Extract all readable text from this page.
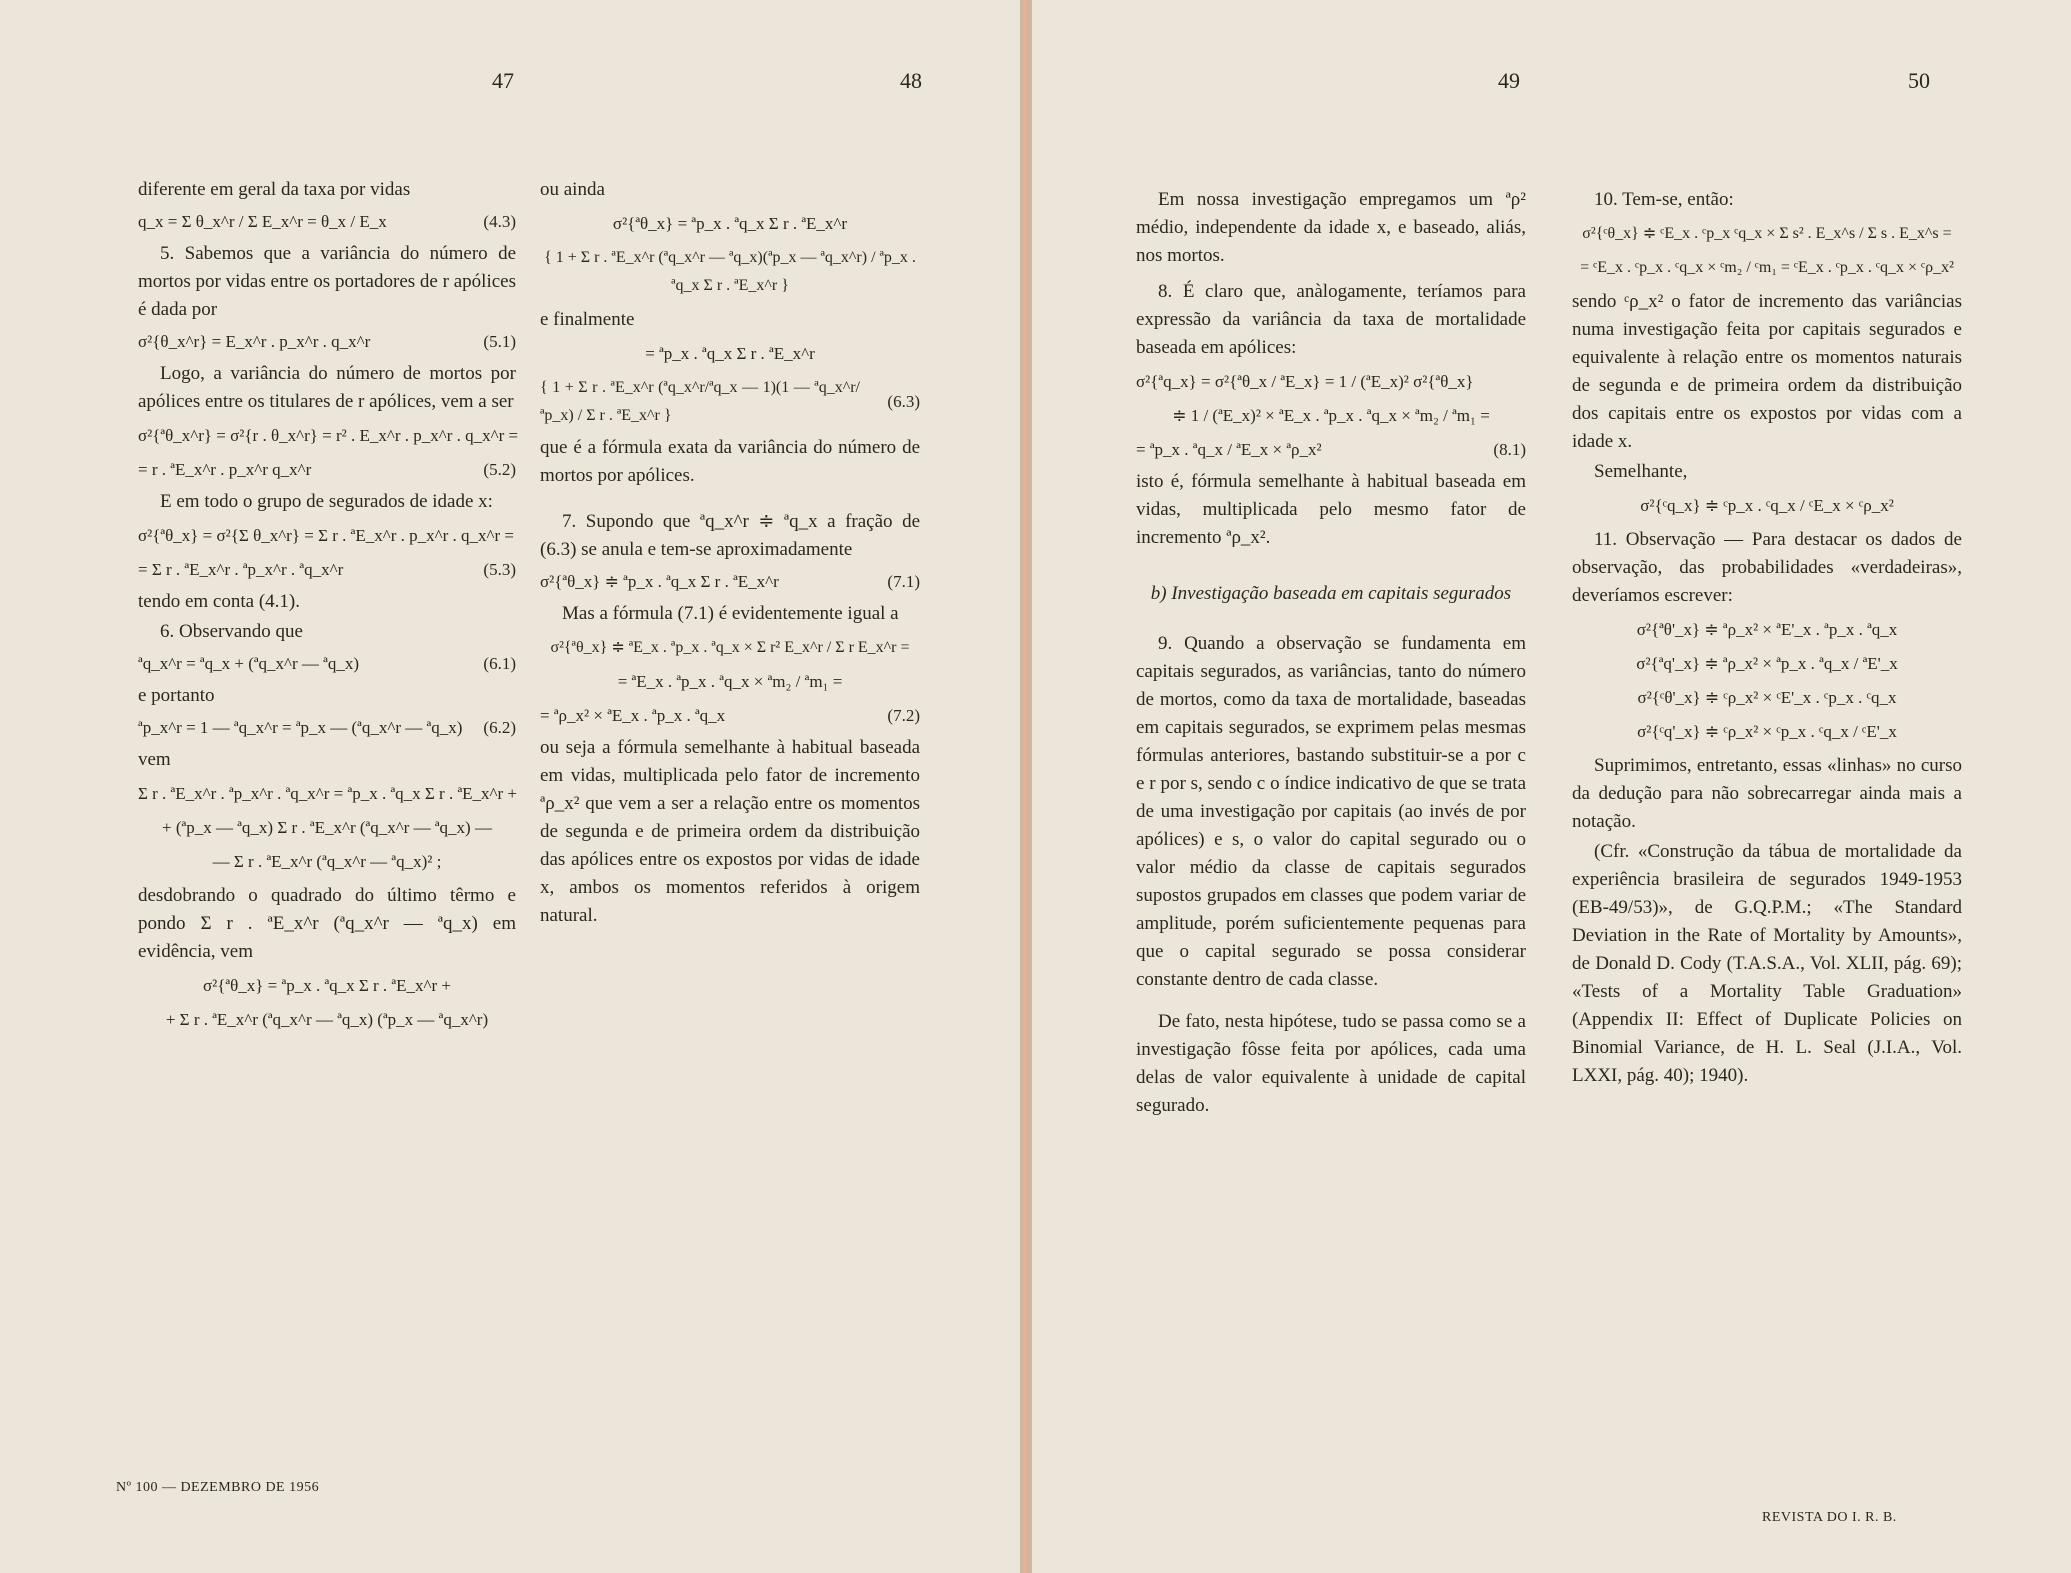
47	48

diferente em geral da taxa por vidas

q_x = Σ θ_x^r / Σ E_x^r = θ_x / E_x	(4.3)

5. Sabemos que a variância do número de mortos por vidas entre os portadores de r apólices é dada por

σ²{θ_x^r} = E_x^r . p_x^r . q_x^r	(5.1)

Logo, a variância do número de mortos por apólices entre os titulares de r apólices, vem a ser

σ²{ªθ_x^r} = σ²{r . θ_x^r} = r² . E_x^r . p_x^r . q_x^r =
= r . ªE_x^r . p_x^r q_x^r	(5.2)

E em todo o grupo de segurados de idade x:

σ²{ªθ_x} = σ²{Σ θ_x^r} = Σ r . ªE_x^r . p_x^r . q_x^r =
= Σ r . ªE_x^r . ªp_x^r . ªq_x^r	(5.3)

tendo em conta (4.1).

6. Observando que

ªq_x^r = ªq_x + (ªq_x^r — ªq_x)	(6.1)

e portanto

ªp_x^r = 1 — ªq_x^r = ªp_x — (ªq_x^r — ªq_x) (6.2)

vem

Σ r . ªE_x^r . ªp_x^r . ªq_x^r = ªp_x . ªq_x Σ r . ªE_x^r +
+ (ªp_x — ªq_x) Σ r . ªE_x^r (ªq_x^r — ªq_x) —
— Σ r . ªE_x^r (ªq_x^r — ªq_x)² ;

desdobrando o quadrado do último têrmo e pondo Σ r . ªE_x^r (ªq_x^r — ªq_x) em evidência, vem

σ²{ªθ_x} = ªp_x . ªq_x Σ r . ªE_x^r +
+ Σ r . ªE_x^r (ªq_x^r — ªq_x) (ªp_x — ªq_x^r)

ou ainda

σ²{ªθ_x} = ªp_x . ªq_x Σ r . ªE_x^r
{ 1 + Σ r . ªE_x^r (ªq_x^r — ªq_x)(ªp_x — ªq_x^r) / ªp_x . ªq_x Σ r . ªE_x^r }

e finalmente

= ªp_x . ªq_x Σ r . ªE_x^r
{ 1 + Σ r . ªE_x^r (ªq_x^r/ªq_x — 1)(1 — ªq_x^r/ªp_x) / Σ r . ªE_x^r }
(6.3)

que é a fórmula exata da variância do número de mortos por apólices.

7. Supondo que ªq_x^r ≑ ªq_x a fração de (6.3) se anula e tem-se aproximadamente

σ²{ªθ_x} ≑ ªp_x . ªq_x Σ r . ªE_x^r	(7.1)

Mas a fórmula (7.1) é evidentemente igual a

σ²{ªθ_x} ≑ ªE_x . ªp_x . ªq_x × Σ r² E_x^r / Σ r E_x^r =
= ªE_x . ªp_x . ªq_x × ªm₂ / ªm₁ =
= ªρ_x² × ªE_x . ªp_x . ªq_x	(7.2)

ou seja a fórmula semelhante à habitual baseada em vidas, multiplicada pelo fator de incremento ªρ_x² que vem a ser a relação entre os momentos de segunda e de primeira ordem da distribuição das apólices entre os expostos por vidas de idade x, ambos os momentos referidos à origem natural.

Nº 100 — DEZEMBRO DE 1956
49	50

Em nossa investigação empregamos um ªρ² médio, independente da idade x, e baseado, aliás, nos mortos.

8. É claro que, anàlogamente, teríamos para expressão da variância da taxa de mortalidade baseada em apólices:

σ²{ªq_x} = σ²{ªθ_x / ªE_x} = 1 / (ªE_x)² σ²{ªθ_x}
≑ 1 / (ªE_x)² × ªE_x . ªp_x . ªq_x × ªm₂ / ªm₁ =
= ªp_x . ªq_x / ªE_x × ªρ_x²	(8.1)

isto é, fórmula semelhante à habitual baseada em vidas, multiplicada pelo mesmo fator de incremento ªρ_x².

b) Investigação baseada em capitais segurados

9. Quando a observação se fundamenta em capitais segurados, as variâncias, tanto do número de mortos, como da taxa de mortalidade, baseadas em capitais segurados, se exprimem pelas mesmas fórmulas anteriores, bastando substituir-se a por c e r por s, sendo c o índice indicativo de que se trata de uma investigação por capitais (ao invés de por apólices) e s, o valor do capital segurado ou o valor médio da classe de capitais segurados supostos grupados em classes que podem variar de amplitude, porém suficientemente pequenas para que o capital segurado se possa considerar constante dentro de cada classe.

De fato, nesta hipótese, tudo se passa como se a investigação fôsse feita por apólices, cada uma delas de valor equivalente à unidade de capital segurado.

10. Tem-se, então:

σ²{ᶜθ_x} ≑ ᶜE_x . ᶜp_x ᶜq_x × Σ s² . E_x^s / Σ s . E_x^s =
= ᶜE_x . ᶜp_x . ᶜq_x × ᶜm₂ / ᶜm₁ = ᶜE_x . ᶜp_x . ᶜq_x × ᶜρ_x²

sendo ᶜρ_x² o fator de incremento das variâncias numa investigação feita por capitais segurados e equivalente à relação entre os momentos naturais de segunda e de primeira ordem da distribuição dos capitais entre os expostos por vidas com a idade x.

Semelhante,

σ²{ᶜq_x} ≑ ᶜp_x . ᶜq_x / ᶜE_x × ᶜρ_x²

11. Observação — Para destacar os dados de observação, das probabilidades «verdadeiras», deveríamos escrever:

σ²{ªθ'_x} ≑ ªρ_x² × ªE'_x . ªp_x . ªq_x
σ²{ªq'_x} ≑ ªρ_x² × ªp_x . ªq_x / ªE'_x
σ²{ᶜθ'_x} ≑ ᶜρ_x² × ᶜE'_x . ᶜp_x . ᶜq_x
σ²{ᶜq'_x} ≑ ᶜρ_x² × ᶜp_x . ᶜq_x / ᶜE'_x

Suprimimos, entretanto, essas «linhas» no curso da dedução para não sobrecarregar ainda mais a notação.

(Cfr. «Construção da tábua de mortalidade da experiência brasileira de segurados 1949-1953 (EB-49/53)», de G.Q.P.M.; «The Standard Deviation in the Rate of Mortality by Amounts», de Donald D. Cody (T.A.S.A., Vol. XLII, pág. 69); «Tests of a Mortality Table Graduation» (Appendix II: Effect of Duplicate Policies on Binomial Variance, de H. L. Seal (J.I.A., Vol. LXXI, pág. 40); 1940).

REVISTA DO I. R. B.
